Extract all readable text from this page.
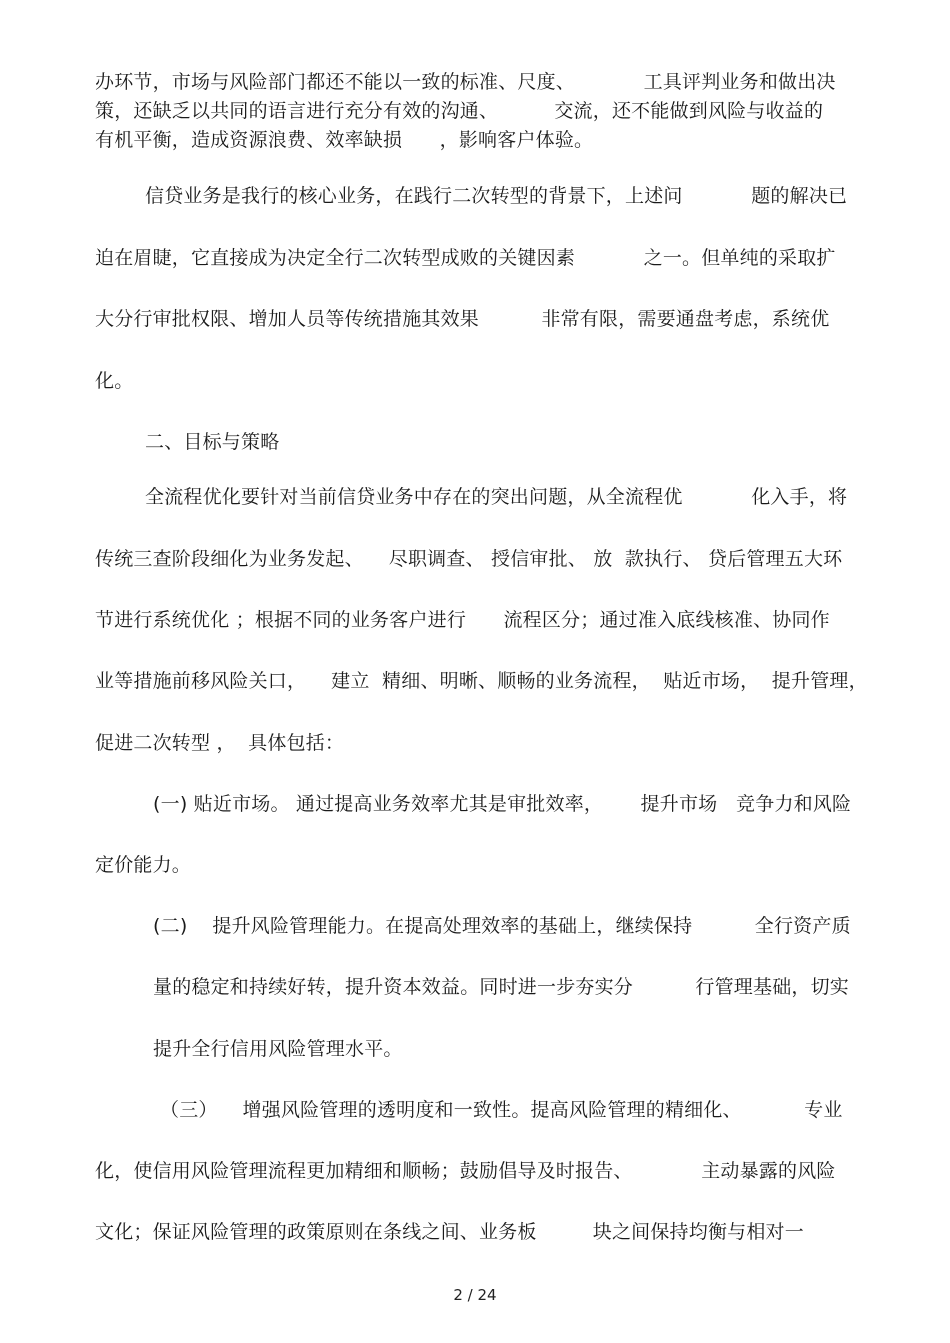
办环节，市场与风险部门都还不能以一致的标准、尺度、           工具评判业务和做出决
策，还缺乏以共同的语言进行充分有效的沟通、         交流，还不能做到风险与收益的
有机平衡，造成资源浪费、效率缺损      ，影响客户体验。
信贷业务是我行的核心业务，在践行二次转型的背景下，上述问           题的解决已
迫在眉睫，它直接成为决定全行二次转型成败的关键因素           之一。但单纯的采取扩
大分行审批权限、增加人员等传统措施其效果          非常有限，需要通盘考虑，系统优
化。
二、目标与策略
全流程优化要针对当前信贷业务中存在的突出问题，从全流程优           化入手，将
传统三查阶段细化为业务发起、    尽职调查、 授信审批、 放  款执行、 贷后管理五大环
节进行系统优化 ；根据不同的业务客户进行      流程区分；通过准入底线核准、协同作
业等措施前移风险关口，    建立  精细、明晰、顺畅的业务流程，  贴近市场，  提升管理，
促进二次转型 ，  具体包括：
(一) 贴近市场。 通过提高业务效率尤其是审批效率，      提升市场   竞争力和风险
定价能力。
(二)    提升风险管理能力。在提高处理效率的基础上，继续保持          全行资产质
量的稳定和持续好转，提升资本效益。同时进一步夯实分          行管理基础，切实
提升全行信用风险管理水平。
（三）    增强风险管理的透明度和一致性。提高风险管理的精细化、          专业
化，使信用风险管理流程更加精细和顺畅；鼓励倡导及时报告、           主动暴露的风险
文化；保证风险管理的政策原则在条线之间、业务板         块之间保持均衡与相对一
2 / 24
